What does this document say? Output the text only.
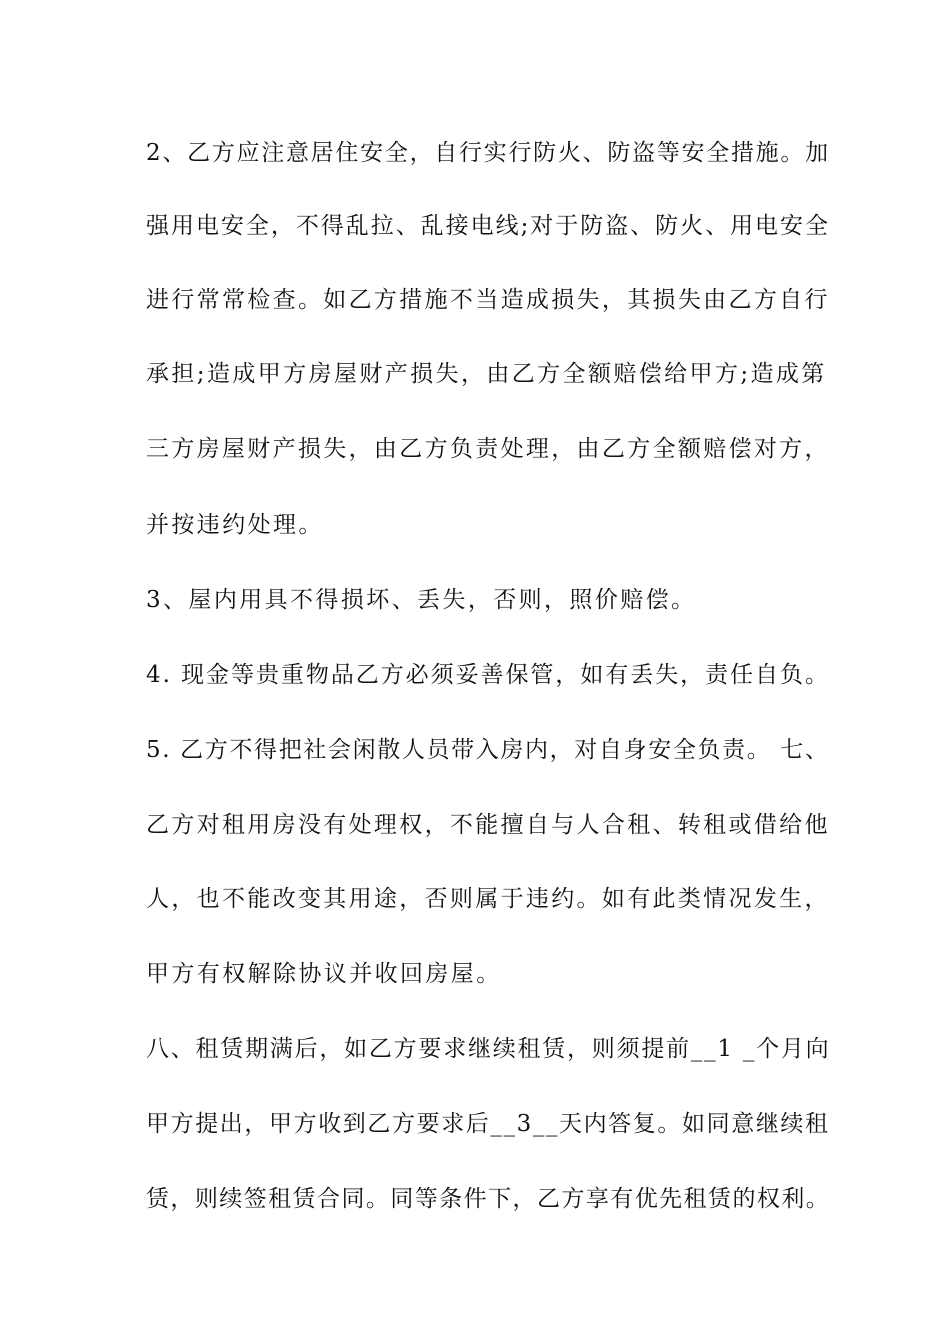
2、乙方应注意居住安全，自行实行防火、防盗等安全措施。加
强用电安全，不得乱拉、乱接电线;对于防盗、防火、用电安全
进行常常检查。如乙方措施不当造成损失，其损失由乙方自行
承担;造成甲方房屋财产损失，由乙方全额赔偿给甲方;造成第
三方房屋财产损失，由乙方负责处理，由乙方全额赔偿对方，
并按违约处理。
3、屋内用具不得损坏、丢失，否则，照价赔偿。
4. 现金等贵重物品乙方必须妥善保管，如有丢失，责任自负。
5. 乙方不得把社会闲散人员带入房内，对自身安全负责。 七、
乙方对租用房没有处理权，不能擅自与人合租、转租或借给他
人，也不能改变其用途，否则属于违约。如有此类情况发生，
甲方有权解除协议并收回房屋。
八、租赁期满后，如乙方要求继续租赁，则须提前__1 _个月向
甲方提出，甲方收到乙方要求后__3__天内答复。如同意继续租
赁，则续签租赁合同。同等条件下，乙方享有优先租赁的权利。
